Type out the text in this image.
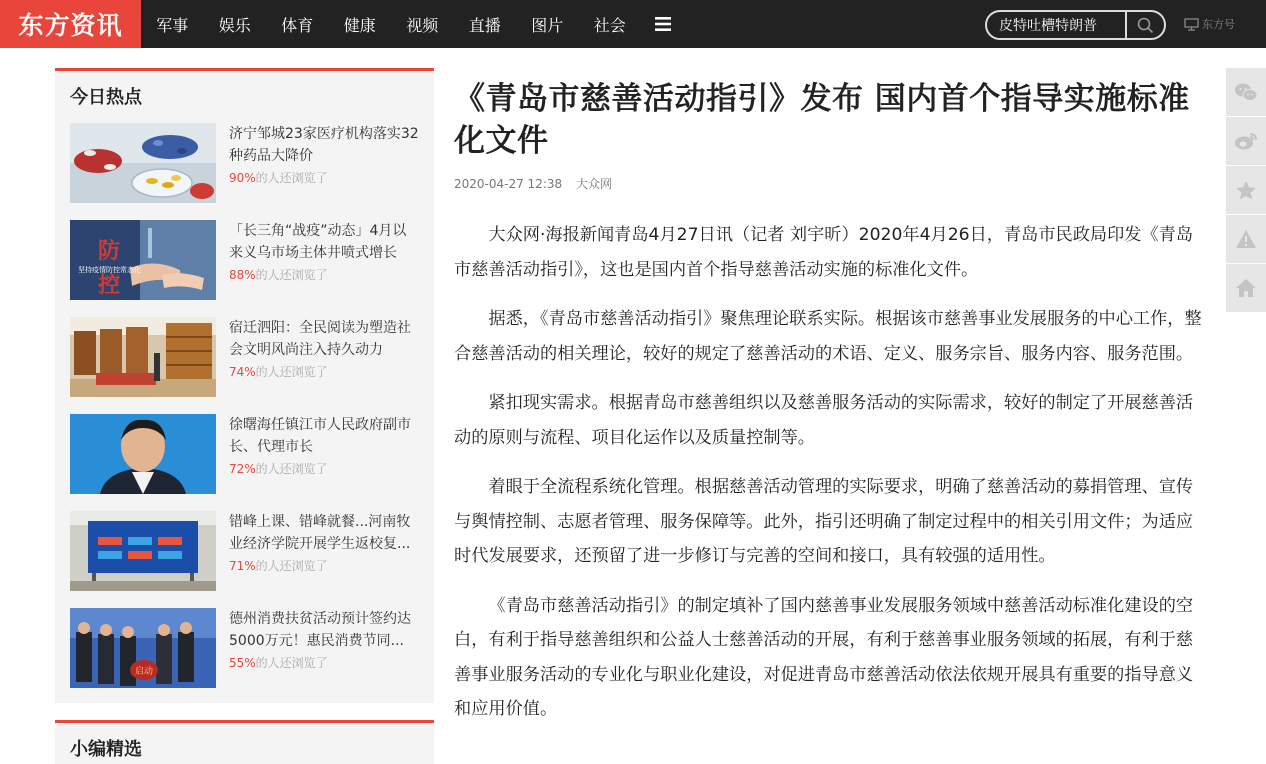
东方资讯	军事	娱乐	体育	健康	视频	直播	图片	社会
皮特吐槽特朗普	东方号
今日热点
济宁邹城23家医疗机构落实32种药品大降价
90%的人还浏览了
防
控
坚持疫情防控常态化
「长三角“战疫”动态」4月以来义乌市场主体井喷式增长
88%的人还浏览了
宿迁泗阳：全民阅读为塑造社会文明风尚注入持久动力
74%的人还浏览了
徐曙海任镇江市人民政府副市长、代理市长
72%的人还浏览了
错峰上课、错峰就餐...河南牧业经济学院开展学生返校复...
71%的人还浏览了
启动
德州消费扶贫活动预计签约达5000万元！惠民消费节同...
55%的人还浏览了
小编精选
《青岛市慈善活动指引》发布 国内首个指导实施标准化文件
2020-04-27 12:38 大众网

大众网·海报新闻青岛4月27日讯（记者 刘宇昕）2020年4月26日，青岛市民政局印发《青岛市慈善活动指引》，这也是国内首个指导慈善活动实施的标准化文件。

据悉，《青岛市慈善活动指引》聚焦理论联系实际。根据该市慈善事业发展服务的中心工作，整合慈善活动的相关理论，较好的规定了慈善活动的术语、定义、服务宗旨、服务内容、服务范围。

紧扣现实需求。根据青岛市慈善组织以及慈善服务活动的实际需求，较好的制定了开展慈善活动的原则与流程、项目化运作以及质量控制等。

着眼于全流程系统化管理。根据慈善活动管理的实际要求，明确了慈善活动的募捐管理、宣传与舆情控制、志愿者管理、服务保障等。此外，指引还明确了制定过程中的相关引用文件；为适应时代发展要求，还预留了进一步修订与完善的空间和接口，具有较强的适用性。

《青岛市慈善活动指引》的制定填补了国内慈善事业发展服务领域中慈善活动标准化建设的空白，有利于指导慈善组织和公益人士慈善活动的开展，有利于慈善事业服务领域的拓展，有利于慈善事业服务活动的专业化与职业化建设，对促进青岛市慈善活动依法依规开展具有重要的指导意义和应用价值。
